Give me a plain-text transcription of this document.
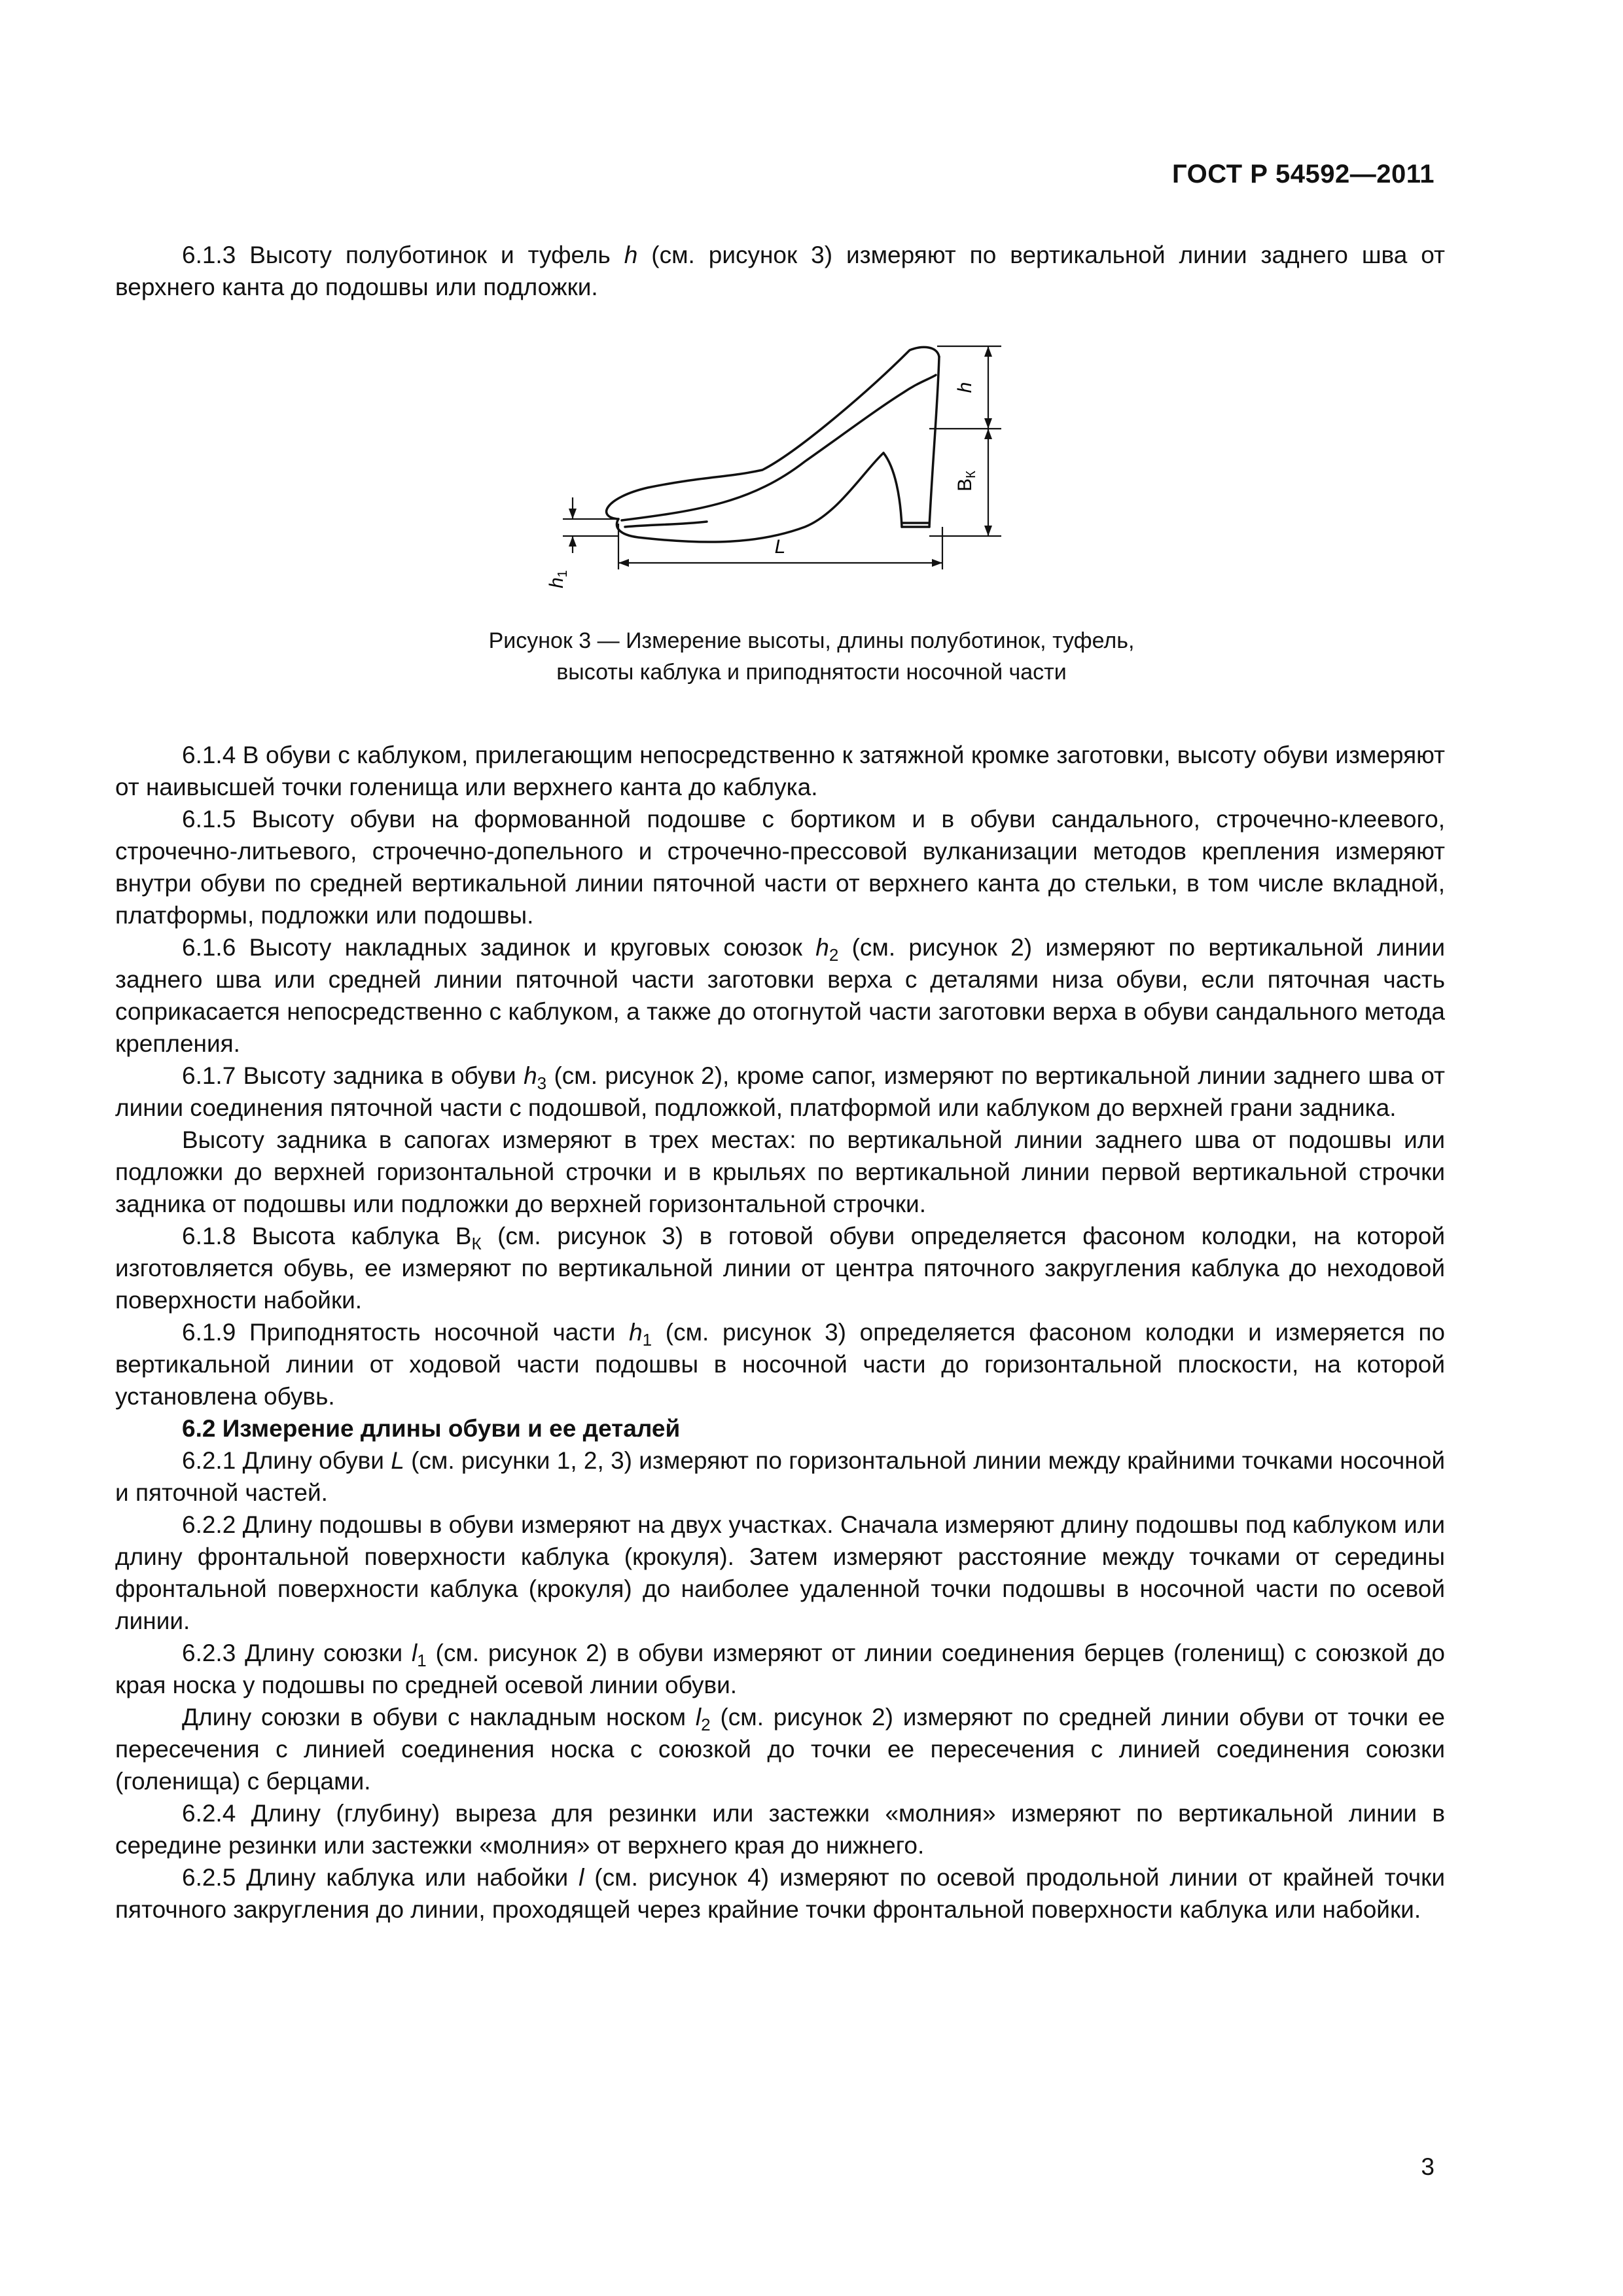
ГОСТ Р 54592—2011

6.1.3 Высоту полуботинок и туфель h (см. рисунок 3) измеряют по вертикальной линии заднего шва от верхнего канта до подошвы или подложки.

h
$В_К$
$h_1$
L
Рисунок 3 — Измерение высоты, длины полуботинок, туфель,
высоты каблука и приподнятости носочной части

6.1.4 В обуви с каблуком, прилегающим непосредственно к затяжной кромке заготовки, высоту обуви измеряют от наивысшей точки голенища или верхнего канта до каблука.

6.1.5 Высоту обуви на формованной подошве с бортиком и в обуви сандального, строчечно-клеевого, строчечно-литьевого, строчечно-допельного и строчечно-прессовой вулканизации методов крепления измеряют внутри обуви по средней вертикальной линии пяточной части от верхнего канта до стельки, в том числе вкладной, платформы, подложки или подошвы.

6.1.6 Высоту накладных задинок и круговых союзок $h_2$ (см. рисунок 2) измеряют по вертикальной линии заднего шва или средней линии пяточной части заготовки верха с деталями низа обуви, если пяточная часть соприкасается непосредственно с каблуком, а также до отогнутой части заготовки верха в обуви сандального метода крепления.

6.1.7 Высоту задника в обуви $h_3$ (см. рисунок 2), кроме сапог, измеряют по вертикальной линии заднего шва от линии соединения пяточной части с подошвой, подложкой, платформой или каблуком до верхней грани задника.

Высоту задника в сапогах измеряют в трех местах: по вертикальной линии заднего шва от подошвы или подложки до верхней горизонтальной строчки и в крыльях по вертикальной линии первой вертикальной строчки задника от подошвы или подложки до верхней горизонтальной строчки.

6.1.8 Высота каблука $В_К$ (см. рисунок 3) в готовой обуви определяется фасоном колодки, на которой изготовляется обувь, ее измеряют по вертикальной линии от центра пяточного закругления каблука до неходовой поверхности набойки.

6.1.9 Приподнятость носочной части $h_1$ (см. рисунок 3) определяется фасоном колодки и измеряется по вертикальной линии от ходовой части подошвы в носочной части до горизонтальной плоскости, на которой установлена обувь.

6.2 Измерение длины обуви и ее деталей

6.2.1 Длину обуви L (см. рисунки 1, 2, 3) измеряют по горизонтальной линии между крайними точками носочной и пяточной частей.

6.2.2 Длину подошвы в обуви измеряют на двух участках. Сначала измеряют длину подошвы под каблуком или длину фронтальной поверхности каблука (крокуля). Затем измеряют расстояние между точками от середины фронтальной поверхности каблука (крокуля) до наиболее удаленной точки подошвы в носочной части по осевой линии.

6.2.3 Длину союзки $l_1$ (см. рисунок 2) в обуви измеряют от линии соединения берцев (голенищ) с союзкой до края носка у подошвы по средней осевой линии обуви.

Длину союзки в обуви с накладным носком $l_2$ (см. рисунок 2) измеряют по средней линии обуви от точки ее пересечения с линией соединения носка с союзкой до точки ее пересечения с линией соединения союзки (голенища) с берцами.

6.2.4 Длину (глубину) выреза для резинки или застежки «молния» измеряют по вертикальной линии в середине резинки или застежки «молния» от верхнего края до нижнего.

6.2.5 Длину каблука или набойки l (см. рисунок 4) измеряют по осевой продольной линии от крайней точки пяточного закругления до линии, проходящей через крайние точки фронтальной поверхности каблука или набойки.

3
